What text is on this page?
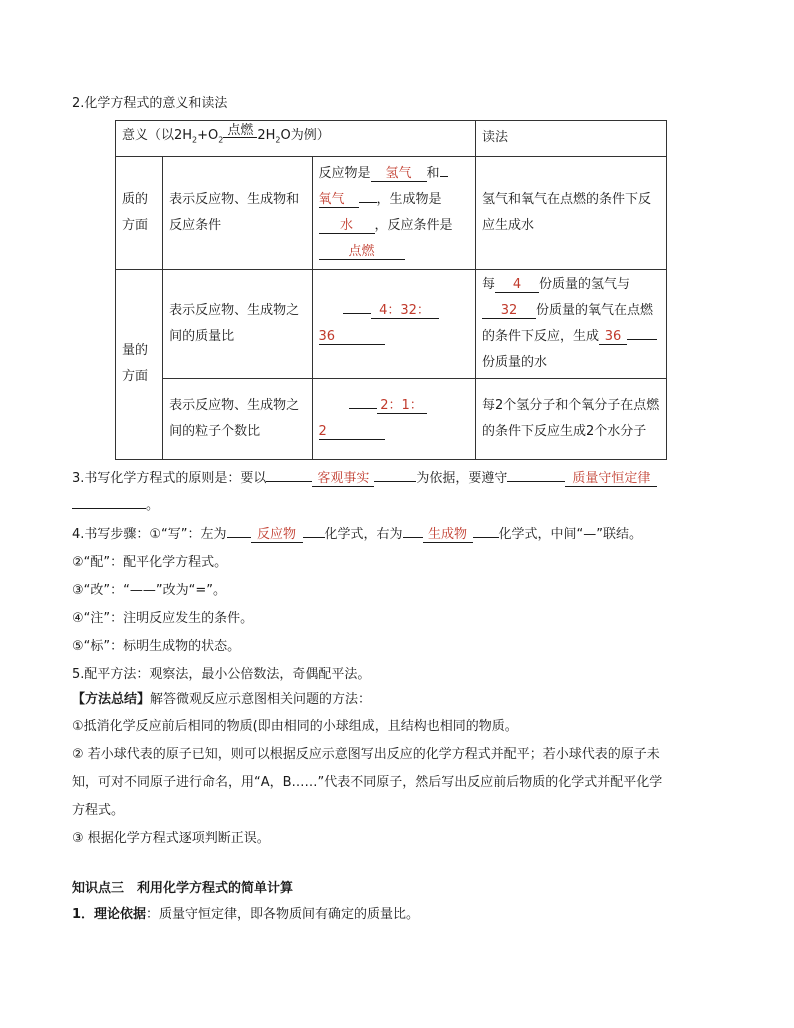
2.化学方程式的意义和读法
意义（以$2H_2+O_2$点燃 $2H_2O$为例）			读法
质的方面	表示反应物、生成物和反应条件	反应物是 氢气 和
氧气 ，生成物是
水 ，反应条件是
点燃	氢气和氧气在点燃的条件下反应生成水
量的方面	表示反应物、生成物之间的质量比	4：32：
36	每 4 份质量的氢气与32 份质量的氧气在点燃的条件下反应，生成 36份质量的水
	表示反应物、生成物之间的粒子个数比	2：1：
2	每2个氢分子和个氧分子在点燃的条件下反应生成2个水分子
3.书写化学方程式的原则是：要以	客观事实	为依据，要遵守	质量守恒定律
。
4.书写步骤：①“写”：左为 反应物 化学式，右为 生成物 化学式，中间“—”联结。
②“配”：配平化学方程式。
③“改”：“——”改为“=”。
④“注”：注明反应发生的条件。
⑤“标”：标明生成物的状态。
5.配平方法：观察法，最小公倍数法，奇偶配平法。
【方法总结】解答微观反应示意图相关问题的方法：
①抵消化学反应前后相同的物质(即由相同的小球组成，且结构也相同的物质。
② 若小球代表的原子已知，则可以根据反应示意图写出反应的化学方程式并配平；若小球代表的原子未
知，可对不同原子进行命名，用“A，B……”代表不同原子，然后写出反应前后物质的化学式并配平化学
方程式。
③ 根据化学方程式逐项判断正误。
知识点三　利用化学方程式的简单计算
1．理论依据：质量守恒定律，即各物质间有确定的质量比。
